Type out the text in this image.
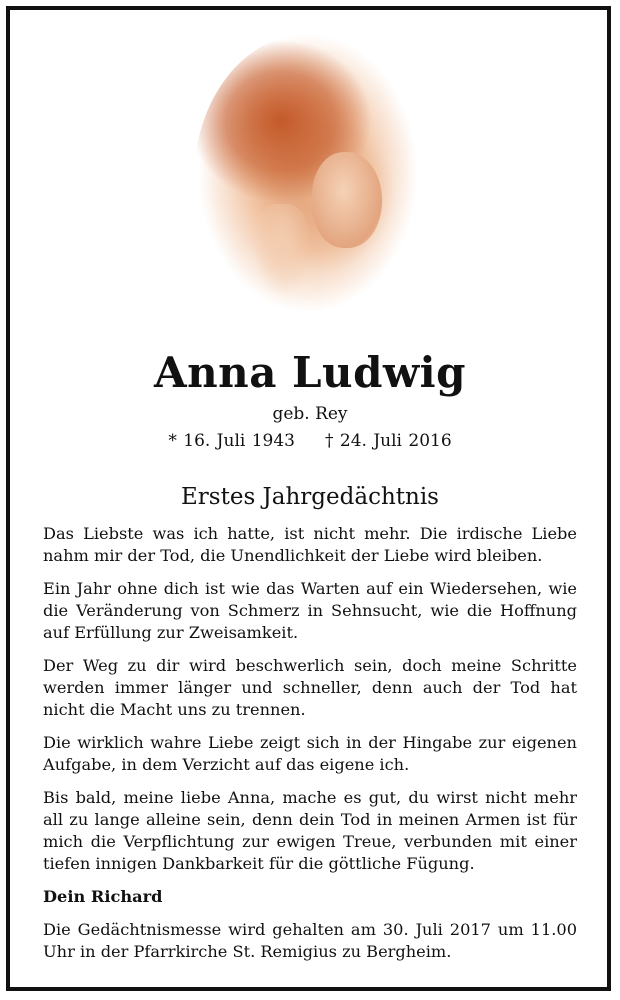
Anna Ludwig
geb. Rey
* 16. Juli 1943 † 24. Juli 2016
Erstes Jahrgedächtnis

Das Liebste was ich hatte, ist nicht mehr. Die irdische Liebe nahm mir der Tod, die Unendlichkeit der Liebe wird bleiben.

Ein Jahr ohne dich ist wie das Warten auf ein Wiedersehen, wie die Veränderung von Schmerz in Sehnsucht, wie die Hoffnung auf Erfüllung zur Zweisamkeit.

Der Weg zu dir wird beschwerlich sein, doch meine Schritte werden immer länger und schneller, denn auch der Tod hat nicht die Macht uns zu trennen.

Die wirklich wahre Liebe zeigt sich in der Hingabe zur eigenen Aufgabe, in dem Verzicht auf das eigene ich.

Bis bald, meine liebe Anna, mache es gut, du wirst nicht mehr all zu lange alleine sein, denn dein Tod in meinen Armen ist für mich die Verpflichtung zur ewigen Treue, verbunden mit einer tiefen innigen Dankbarkeit für die göttliche Fügung.

Dein Richard

Die Gedächtnismesse wird gehalten am 30. Juli 2017 um 11.00 Uhr in der Pfarrkirche St. Remigius zu Bergheim.
